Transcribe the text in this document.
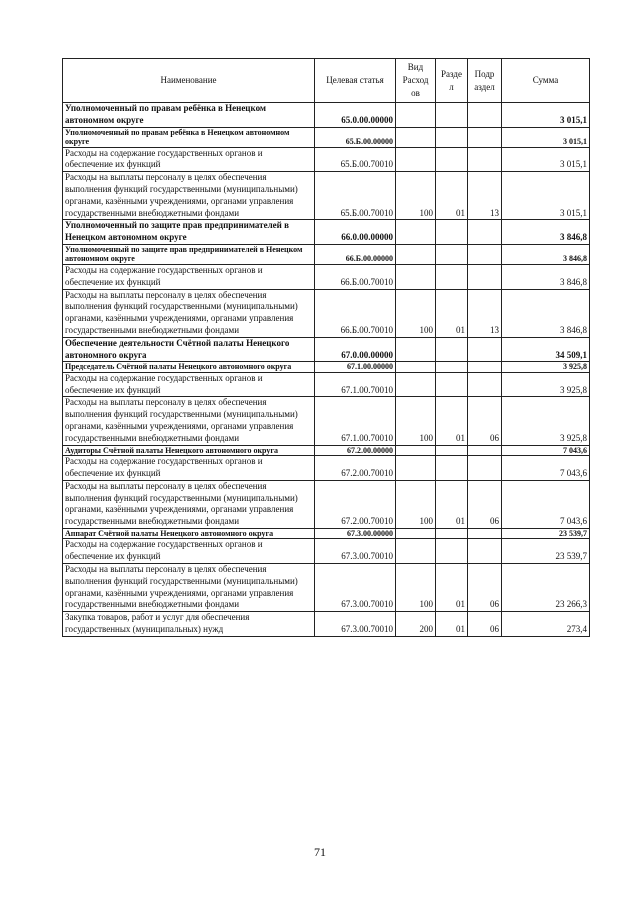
Наименование	Целевая статья	Вид Расход ов	Разде л	Подр аздел	Сумма
Уполномоченный по правам ребёнка в Ненецком автономном округе	65.0.00.00000				3 015,1
Уполномоченный по правам ребёнка в Ненецком автономном округе	65.Б.00.00000				3 015,1
Расходы на содержание государственных органов и обеспечение их функций	65.Б.00.70010				3 015,1
Расходы на выплаты персоналу в целях обеспечения выполнения функций государственными (муниципальными) органами, казёнными учреждениями, органами управления государственными внебюджетными фондами	65.Б.00.70010	100	01	13	3 015,1
Уполномоченный по защите прав предпринимателей в Ненецком автономном округе	66.0.00.00000				3 846,8
Уполномоченный по защите прав предпринимателей в Ненецком автономном округе	66.Б.00.00000				3 846,8
Расходы на содержание государственных органов и обеспечение их функций	66.Б.00.70010				3 846,8
Расходы на выплаты персоналу в целях обеспечения выполнения функций государственными (муниципальными) органами, казёнными учреждениями, органами управления государственными внебюджетными фондами	66.Б.00.70010	100	01	13	3 846,8
Обеспечение деятельности Счётной палаты Ненецкого автономного округа	67.0.00.00000				34 509,1
Председатель Счётной палаты Ненецкого автономного округа	67.1.00.00000				3 925,8
Расходы на содержание государственных органов и обеспечение их функций	67.1.00.70010				3 925,8
Расходы на выплаты персоналу в целях обеспечения выполнения функций государственными (муниципальными) органами, казёнными учреждениями, органами управления государственными внебюджетными фондами	67.1.00.70010	100	01	06	3 925,8
Аудиторы Счётной палаты Ненецкого автономного округа	67.2.00.00000				7 043,6
Расходы на содержание государственных органов и обеспечение их функций	67.2.00.70010				7 043,6
Расходы на выплаты персоналу в целях обеспечения выполнения функций государственными (муниципальными) органами, казёнными учреждениями, органами управления государственными внебюджетными фондами	67.2.00.70010	100	01	06	7 043,6
Аппарат Счётной палаты Ненецкого автономного округа	67.3.00.00000				23 539,7
Расходы на содержание государственных органов и обеспечение их функций	67.3.00.70010				23 539,7
Расходы на выплаты персоналу в целях обеспечения выполнения функций государственными (муниципальными) органами, казёнными учреждениями, органами управления государственными внебюджетными фондами	67.3.00.70010	100	01	06	23 266,3
Закупка товаров, работ и услуг для обеспечения государственных (муниципальных) нужд	67.3.00.70010	200	01	06	273,4
71
